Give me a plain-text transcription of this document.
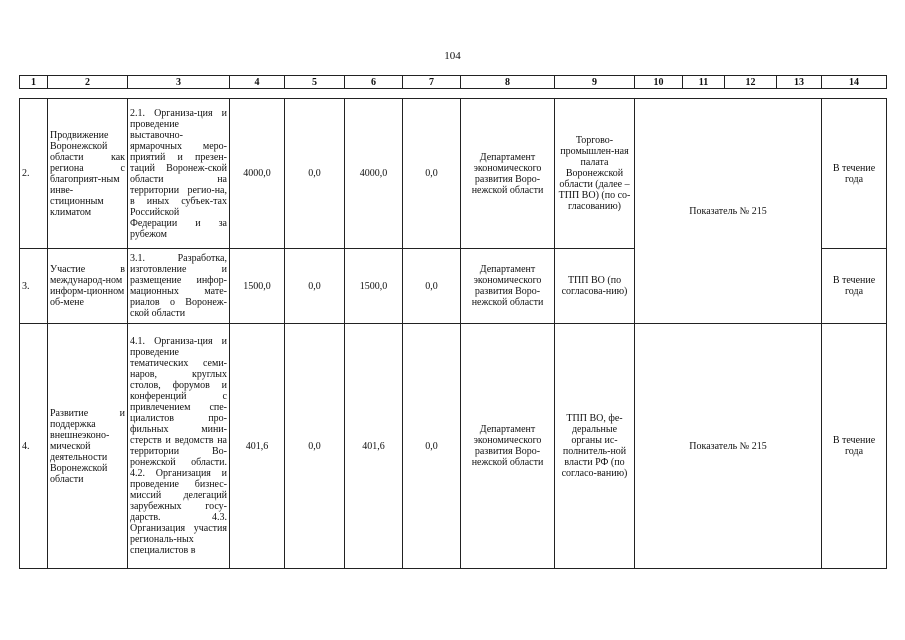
104
1	2	3	4	5	6	7	8	9	10	11	12	13	14
2.	Продвижение Воронежской области как региона с благоприят-ным инве-стиционным климатом	2.1. Организа-ция и проведение выставочно-ярмарочных меро-приятий и презен-таций Воронеж-ской области на территории регио-на, в иных субъек-тах Российской Федерации и за рубежом	4000,0	0,0	4000,0	0,0	Департамент экономического развития Воро-нежской области	Торгово-промышлен-ная палата Воронежской области (далее – ТПП ВО) (по со-гласованию)	Показатель № 215	В течение года
3.	Участие в международ-ном информ-ционном об-мене	3.1. Разработка, изготовление и размещение инфор-мационных мате-риалов о Воронеж-ской области	1500,0	0,0	1500,0	0,0	Департамент экономического развития Воро-нежской области	ТПП ВО (по согласова-нию)		В течение года
4.	Развитие и поддержка внешнеэконо-мической деятельности Воронежской области	4.1. Организа-ция и проведение тематических семи-наров, круглых столов, форумов и конференций с привлечением спе-циалистов про-фильных мини-стерств и ведомств на территории Во-ронежской области. 4.2. Организация и проведение бизнес-миссий делегаций зарубежных госу-дарств. 4.3. Организация участия региональ-ных специалистов в	401,6	0,0	401,6	0,0	Департамент экономического развития Воро-нежской области	ТПП ВО, фе-деральные органы ис-полнитель-ной власти РФ (по согласо-ванию)	Показатель № 215	В течение года
